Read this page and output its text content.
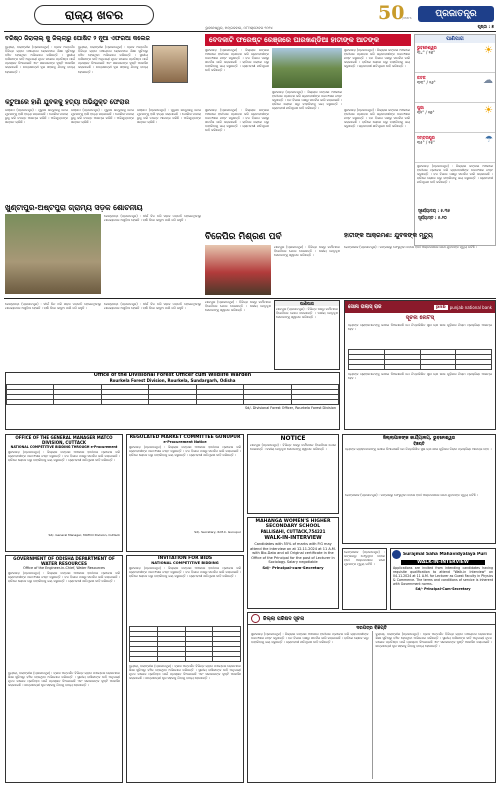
ରାଜ୍ୟ ଖବର
ଭୁବନେଶ୍ୱର, ମଙ୍ଗଳବାର, ୦୮ଅକ୍ଟୋବର ୨୦୨୪
50
years	ପ୍ରଜାତନ୍ତ୍ର
ପୃଷ୍ଠା : ୭
ବରିଷ୍ଠ ଜିରାଲାଲ୍ କୁ ଜିଲ୍ଲାରୁ ଘୋଷିତ ୨ ନୂଆ ଏଫରଆ କଲେଜ
ବ୍ୟୁରୋ, ବଲାଙ୍ଗୀର (ପ୍ରଜାତନ୍ତ୍ର) : ବ୍ଲକ ଅନ୍ତର୍ଗତ ବିଭିନ୍ନ ଗ୍ରାମ ପଞ୍ଚାୟତର ଲୋକମାନେ ଶିକ୍ଷା ସୁବିଧାରୁ ବଞ୍ଚିତ ହେଉଥିବା ଅଭିଯୋଗ କରିଛନ୍ତି । ସ୍ଥାନୀୟ ବାସିନ୍ଦାଙ୍କ ଦାବି ଅନୁଯାୟୀ ନୂତନ କଲେଜ ପ୍ରତିଷ୍ଠା ପାଇଁ ପ୍ରସ୍ତାବ ଦିଆଯାଇଛି ଏବଂ ସରକାରଙ୍କ ଦୃଷ୍ଟି ଆକର୍ଷଣ କରାଯାଇଛି । ଛାତ୍ରଛାତ୍ରୀ ଦୂର ସହରକୁ ଯିବାକୁ ବାଧ୍ୟ ହେଉଛନ୍ତି ।
ବ୍ୟୁରୋ, ବଲାଙ୍ଗୀର (ପ୍ରଜାତନ୍ତ୍ର) : ବ୍ଲକ ଅନ୍ତର୍ଗତ ବିଭିନ୍ନ ଗ୍ରାମ ପଞ୍ଚାୟତର ଲୋକମାନେ ଶିକ୍ଷା ସୁବିଧାରୁ ବଞ୍ଚିତ ହେଉଥିବା ଅଭିଯୋଗ କରିଛନ୍ତି । ସ୍ଥାନୀୟ ବାସିନ୍ଦାଙ୍କ ଦାବି ଅନୁଯାୟୀ ନୂତନ କଲେଜ ପ୍ରତିଷ୍ଠା ପାଇଁ ପ୍ରସ୍ତାବ ଦିଆଯାଇଛି ଏବଂ ସରକାରଙ୍କ ଦୃଷ୍ଟି ଆକର୍ଷଣ କରାଯାଇଛି । ଛାତ୍ରଛାତ୍ରୀ ଦୂର ସହରକୁ ଯିବାକୁ ବାଧ୍ୟ ହେଉଛନ୍ତି ।
ବେଦକାଟି ଫରେଷ୍ଟ ରେଞ୍ଜରେ ଘାରଖଣ୍ଡିଆ ହାତୀଙ୍କ ଆତଙ୍କ
ସୁନ୍ଦରଗଡ଼ (ପ୍ରଜାତନ୍ତ୍ର) : ଜିଲ୍ଲାର ଜଙ୍ଗଲ ଅଞ୍ଚଳରେ ହାତୀପଲ ପ୍ରବେଶ କରି ଗ୍ରାମବାସୀଙ୍କ ଧାନଫସଲ ନଷ୍ଟ କରୁଛନ୍ତି । ବନ ବିଭାଗ ପକ୍ଷରୁ ସତର୍କତା ଜାରି କରାଯାଇଛି । ରାତିରେ ଲୋକେ ଘରୁ ବାହାରିବାକୁ ଭୟ କରୁଛନ୍ତି । ଗ୍ରାମବାସୀ କ୍ଷତିପୂରଣ ଦାବି କରିଛନ୍ତି ।
ସୁନ୍ଦରଗଡ଼ (ପ୍ରଜାତନ୍ତ୍ର) : ଜିଲ୍ଲାର ଜଙ୍ଗଲ ଅଞ୍ଚଳରେ ହାତୀପଲ ପ୍ରବେଶ କରି ଗ୍ରାମବାସୀଙ୍କ ଧାନଫସଲ ନଷ୍ଟ କରୁଛନ୍ତି । ବନ ବିଭାଗ ପକ୍ଷରୁ ସତର୍କତା ଜାରି କରାଯାଇଛି । ରାତିରେ ଲୋକେ ଘରୁ ବାହାରିବାକୁ ଭୟ କରୁଛନ୍ତି । ଗ୍ରାମବାସୀ କ୍ଷତିପୂରଣ ଦାବି କରିଛନ୍ତି ।
ସୁନ୍ଦରଗଡ଼ (ପ୍ରଜାତନ୍ତ୍ର) : ଜିଲ୍ଲାର ଜଙ୍ଗଲ ଅଞ୍ଚଳରେ ହାତୀପଲ ପ୍ରବେଶ କରି ଗ୍ରାମବାସୀଙ୍କ ଧାନଫସଲ ନଷ୍ଟ କରୁଛନ୍ତି । ବନ ବିଭାଗ ପକ୍ଷରୁ ସତର୍କତା ଜାରି କରାଯାଇଛି । ରାତିରେ ଲୋକେ ଘରୁ ବାହାରିବାକୁ ଭୟ କରୁଛନ୍ତି । ଗ୍ରାମବାସୀ କ୍ଷତିପୂରଣ ଦାବି କରିଛନ୍ତି ।
ପାଣିପାଗ
ଭୁବନେଶ୍ୱର
୩୪° / ୨୬°	☀
କଟକ
୩୩° / ୨୬°	☁
ପୁରୀ
୩୨° / ୨୭°	☀
ସମ୍ବଲପୁର
୩୫° / ୨୫°	☂
ସୁନ୍ଦରଗଡ଼ (ପ୍ରଜାତନ୍ତ୍ର) : ଜିଲ୍ଲାର ଜଙ୍ଗଲ ଅଞ୍ଚଳରେ ହାତୀପଲ ପ୍ରବେଶ କରି ଗ୍ରାମବାସୀଙ୍କ ଧାନଫସଲ ନଷ୍ଟ କରୁଛନ୍ତି । ବନ ବିଭାଗ ପକ୍ଷରୁ ସତର୍କତା ଜାରି କରାଯାଇଛି । ରାତିରେ ଲୋକେ ଘରୁ ବାହାରିବାକୁ ଭୟ କରୁଛନ୍ତି । ଗ୍ରାମବାସୀ କ୍ଷତିପୂରଣ ଦାବି କରିଛନ୍ତି ।
ସୂର୍ଯ୍ୟୋଦୟ : ୫.୩୫
ସୂର୍ଯ୍ୟାସ୍ତ : ୫.୨୦
କଟୁଆରେ ହାଣି ଯୁବକକୁ ହତ୍ୟା ଅଭିଯୁକ୍ତ ଫେରାର
ଗଞ୍ଜାମ (ପ୍ରଜାତନ୍ତ୍ର) : ପୁରୁଣା ଶତ୍ରୁତାକୁ ନେଇ ଯୁବକଙ୍କୁ ହାଣି ହତ୍ୟା କରାଯାଇଛି । ପୋଲିସ ମାମଲା ରୁଜୁ କରି ତଦନ୍ତ ଆରମ୍ଭ କରିଛି । ଅଭିଯୁକ୍ତଙ୍କ ସନ୍ଧାନ ଚାଲିଛି ।
ଗଞ୍ଜାମ (ପ୍ରଜାତନ୍ତ୍ର) : ପୁରୁଣା ଶତ୍ରୁତାକୁ ନେଇ ଯୁବକଙ୍କୁ ହାଣି ହତ୍ୟା କରାଯାଇଛି । ପୋଲିସ ମାମଲା ରୁଜୁ କରି ତଦନ୍ତ ଆରମ୍ଭ କରିଛି । ଅଭିଯୁକ୍ତଙ୍କ ସନ୍ଧାନ ଚାଲିଛି ।
ଗଞ୍ଜାମ (ପ୍ରଜାତନ୍ତ୍ର) : ପୁରୁଣା ଶତ୍ରୁତାକୁ ନେଇ ଯୁବକଙ୍କୁ ହାଣି ହତ୍ୟା କରାଯାଇଛି । ପୋଲିସ ମାମଲା ରୁଜୁ କରି ତଦନ୍ତ ଆରମ୍ଭ କରିଛି । ଅଭିଯୁକ୍ତଙ୍କ ସନ୍ଧାନ ଚାଲିଛି ।
ସୁନ୍ଦରଗଡ଼ (ପ୍ରଜାତନ୍ତ୍ର) : ଜିଲ୍ଲାର ଜଙ୍ଗଲ ଅଞ୍ଚଳରେ ହାତୀପଲ ପ୍ରବେଶ କରି ଗ୍ରାମବାସୀଙ୍କ ଧାନଫସଲ ନଷ୍ଟ କରୁଛନ୍ତି । ବନ ବିଭାଗ ପକ୍ଷରୁ ସତର୍କତା ଜାରି କରାଯାଇଛି । ରାତିରେ ଲୋକେ ଘରୁ ବାହାରିବାକୁ ଭୟ କରୁଛନ୍ତି । ଗ୍ରାମବାସୀ କ୍ଷତିପୂରଣ ଦାବି କରିଛନ୍ତି ।
ସୁନ୍ଦରଗଡ଼ (ପ୍ରଜାତନ୍ତ୍ର) : ଜିଲ୍ଲାର ଜଙ୍ଗଲ ଅଞ୍ଚଳରେ ହାତୀପଲ ପ୍ରବେଶ କରି ଗ୍ରାମବାସୀଙ୍କ ଧାନଫସଲ ନଷ୍ଟ କରୁଛନ୍ତି । ବନ ବିଭାଗ ପକ୍ଷରୁ ସତର୍କତା ଜାରି କରାଯାଇଛି । ରାତିରେ ଲୋକେ ଘରୁ ବାହାରିବାକୁ ଭୟ କରୁଛନ୍ତି । ଗ୍ରାମବାସୀ କ୍ଷତିପୂରଣ ଦାବି କରିଛନ୍ତି ।
ଖୁଣ୍ଟାପୁର-ଅଷ୍ଟପୁରା ଗ୍ରାମ୍ୟ ସଡ଼କ ଶୋଚନୀୟ
କେନ୍ଦ୍ରାପଡ଼ା (ପ୍ରଜାତନ୍ତ୍ର) : ଦୀର୍ଘ ଦିନ ଧରି ସଡ଼କ ମରାମତି ହୋଇନଥିବାରୁ ଯାତାୟାତରେ ଅସୁବିଧା ହେଉଛି । ବର୍ଷା ଦିନେ କାଦୁଅ ପାଣି ଜମି ରହୁଛି ।
ବିଜେପିର ମିଶ୍ରଣ ପର୍ବ
ଯାଜପୁର (ପ୍ରଜାତନ୍ତ୍ର) : ବିଭିନ୍ନ ଦଳରୁ କର୍ମୀମାନେ ବିଜେପିରେ ଯୋଗ ଦେଇଛନ୍ତି । ଦଳୀୟ ନେତୃବୃନ୍ଦ ସେମାନଙ୍କୁ ସ୍ୱାଗତ କରିଛନ୍ତି ।
ହାତୀଙ୍କ ଆକ୍ରମଣ: ଯୁବକଙ୍କ ମୃତ୍ୟୁ
ଢେଙ୍କାନାଳ (ପ୍ରଜାତନ୍ତ୍ର) : ଜଙ୍ଗଲରୁ ଫେରୁଥିବା ବେଳେ ହାତୀ ଆକ୍ରମଣରେ ଜଣେ ଯୁବକଙ୍କ ମୃତ୍ୟୁ ଘଟିଛି ।
କେନ୍ଦ୍ରାପଡ଼ା (ପ୍ରଜାତନ୍ତ୍ର) : ଦୀର୍ଘ ଦିନ ଧରି ସଡ଼କ ମରାମତି ହୋଇନଥିବାରୁ ଯାତାୟାତରେ ଅସୁବିଧା ହେଉଛି । ବର୍ଷା ଦିନେ କାଦୁଅ ପାଣି ଜମି ରହୁଛି ।
କେନ୍ଦ୍ରାପଡ଼ା (ପ୍ରଜାତନ୍ତ୍ର) : ଦୀର୍ଘ ଦିନ ଧରି ସଡ଼କ ମରାମତି ହୋଇନଥିବାରୁ ଯାତାୟାତରେ ଅସୁବିଧା ହେଉଛି । ବର୍ଷା ଦିନେ କାଦୁଅ ପାଣି ଜମି ରହୁଛି ।
ଯାଜପୁର (ପ୍ରଜାତନ୍ତ୍ର) : ବିଭିନ୍ନ ଦଳରୁ କର୍ମୀମାନେ ବିଜେପିରେ ଯୋଗ ଦେଇଛନ୍ତି । ଦଳୀୟ ନେତୃବୃନ୍ଦ ସେମାନଙ୍କୁ ସ୍ୱାଗତ କରିଛନ୍ତି ।
ପାଣିପାଗ
ଯାଜପୁର (ପ୍ରଜାତନ୍ତ୍ର) : ବିଭିନ୍ନ ଦଳରୁ କର୍ମୀମାନେ ବିଜେପିରେ ଯୋଗ ଦେଇଛନ୍ତି । ଦଳୀୟ ନେତୃବୃନ୍ଦ ସେମାନଙ୍କୁ ସ୍ୱାଗତ କରିଛନ୍ତି ।
ସୋନା ତାଲାସ୍ ରାଜ	pnb	punjab national bank
ସୂଚନା ନୋଟିସ୍
ବ୍ୟାଙ୍କ ଗ୍ରାହକମାନଙ୍କୁ ଜଣାଇ ଦିଆଯାଉଛି ଯେ ନିମ୍ନଲିଖିତ ସୁନା ଋଣ ଖାତା ଗୁଡ଼ିକର ନିଲାମ ପ୍ରକ୍ରିୟା ଆରମ୍ଭ ହେବ ।

ବ୍ୟାଙ୍କ ଗ୍ରାହକମାନଙ୍କୁ ଜଣାଇ ଦିଆଯାଉଛି ଯେ ନିମ୍ନଲିଖିତ ସୁନା ଋଣ ଖାତା ଗୁଡ଼ିକର ନିଲାମ ପ୍ରକ୍ରିୟା ଆରମ୍ଭ ହେବ ।
Office of the Divisional Forest Officer cum Wildlife Warden
Rourkela Forest Division, Rourkela, Sundargarh, Odisha

Sd/- Divisional Forest Officer, Rourkela Forest Division
OFFICE OF THE GENERAL MANAGER MATCO DIVISION, CUTTACK
NATIONAL COMPETITIVE BIDDING THROUGH e-Procurement
ସୁନ୍ଦରଗଡ଼ (ପ୍ରଜାତନ୍ତ୍ର) : ଜିଲ୍ଲାର ଜଙ୍ଗଲ ଅଞ୍ଚଳରେ ହାତୀପଲ ପ୍ରବେଶ କରି ଗ୍ରାମବାସୀଙ୍କ ଧାନଫସଲ ନଷ୍ଟ କରୁଛନ୍ତି । ବନ ବିଭାଗ ପକ୍ଷରୁ ସତର୍କତା ଜାରି କରାଯାଇଛି । ରାତିରେ ଲୋକେ ଘରୁ ବାହାରିବାକୁ ଭୟ କରୁଛନ୍ତି । ଗ୍ରାମବାସୀ କ୍ଷତିପୂରଣ ଦାବି କରିଛନ୍ତି ।
Sd/- General Manager, MATCO Division, Cuttack
REGULATED MARKET COMMITTEE GUNUPUR
e-Procurement Notice
ସୁନ୍ଦରଗଡ଼ (ପ୍ରଜାତନ୍ତ୍ର) : ଜିଲ୍ଲାର ଜଙ୍ଗଲ ଅଞ୍ଚଳରେ ହାତୀପଲ ପ୍ରବେଶ କରି ଗ୍ରାମବାସୀଙ୍କ ଧାନଫସଲ ନଷ୍ଟ କରୁଛନ୍ତି । ବନ ବିଭାଗ ପକ୍ଷରୁ ସତର୍କତା ଜାରି କରାଯାଇଛି । ରାତିରେ ଲୋକେ ଘରୁ ବାହାରିବାକୁ ଭୟ କରୁଛନ୍ତି । ଗ୍ରାମବାସୀ କ୍ଷତିପୂରଣ ଦାବି କରିଛନ୍ତି ।
Sd/- Secretary, R.M.C. Gunupur
NOTICE
ଯାଜପୁର (ପ୍ରଜାତନ୍ତ୍ର) : ବିଭିନ୍ନ ଦଳରୁ କର୍ମୀମାନେ ବିଜେପିରେ ଯୋଗ ଦେଇଛନ୍ତି । ଦଳୀୟ ନେତୃବୃନ୍ଦ ସେମାନଙ୍କୁ ସ୍ୱାଗତ କରିଛନ୍ତି ।
ଜିଲ୍ଲାପାଳଙ୍କ କାର୍ଯ୍ୟାଳୟ, ଭୁବନେଶ୍ୱର
ବିଜ୍ଞପ୍ତି
ବ୍ୟାଙ୍କ ଗ୍ରାହକମାନଙ୍କୁ ଜଣାଇ ଦିଆଯାଉଛି ଯେ ନିମ୍ନଲିଖିତ ସୁନା ଋଣ ଖାତା ଗୁଡ଼ିକର ନିଲାମ ପ୍ରକ୍ରିୟା ଆରମ୍ଭ ହେବ ।
ଢେଙ୍କାନାଳ (ପ୍ରଜାତନ୍ତ୍ର) : ଜଙ୍ଗଲରୁ ଫେରୁଥିବା ବେଳେ ହାତୀ ଆକ୍ରମଣରେ ଜଣେ ଯୁବକଙ୍କ ମୃତ୍ୟୁ ଘଟିଛି ।
MAHANGA WOMEN'S HIGHER SECONDARY SCHOOL
PALLISAHI, CUTTACK,754221
WALK-IN-INTERVIEW
Candidates with 55% of marks with P.G may attend the interview on at 12.11.2024 at 11 A.M. with Bio-Data and all Original certificate in the Office of the Principal for the post of Lecturer in Sociology. Salary negotiable
Sd/- Principal-cum-Secretary
Surajmal Saha Mahavidyalaya Puri
WALK-IN-INTERVIEW
Applications are invited from intending candidates having requisite qualification to attend "Walk-in Interview" on 04.11.2024 at 11 A.M. for Lecturer as Guest Faculty in Physics & Commerce. The terms and conditions of service is inherent with Government norms.
Sd/- Principal-Cum-Secretary
ଢେଙ୍କାନାଳ (ପ୍ରଜାତନ୍ତ୍ର) : ଜଙ୍ଗଲରୁ ଫେରୁଥିବା ବେଳେ ହାତୀ ଆକ୍ରମଣରେ ଜଣେ ଯୁବକଙ୍କ ମୃତ୍ୟୁ ଘଟିଛି ।
GOVERNMENT OF ODISHA DEPARTMENT OF WATER RESOURCES
Office of the Engineer-in-Chief, Water Resources
ସୁନ୍ଦରଗଡ଼ (ପ୍ରଜାତନ୍ତ୍ର) : ଜିଲ୍ଲାର ଜଙ୍ଗଲ ଅଞ୍ଚଳରେ ହାତୀପଲ ପ୍ରବେଶ କରି ଗ୍ରାମବାସୀଙ୍କ ଧାନଫସଲ ନଷ୍ଟ କରୁଛନ୍ତି । ବନ ବିଭାଗ ପକ୍ଷରୁ ସତର୍କତା ଜାରି କରାଯାଇଛି । ରାତିରେ ଲୋକେ ଘରୁ ବାହାରିବାକୁ ଭୟ କରୁଛନ୍ତି । ଗ୍ରାମବାସୀ କ୍ଷତିପୂରଣ ଦାବି କରିଛନ୍ତି ।
ବ୍ୟୁରୋ, ବଲାଙ୍ଗୀର (ପ୍ରଜାତନ୍ତ୍ର) : ବ୍ଲକ ଅନ୍ତର୍ଗତ ବିଭିନ୍ନ ଗ୍ରାମ ପଞ୍ଚାୟତର ଲୋକମାନେ ଶିକ୍ଷା ସୁବିଧାରୁ ବଞ୍ଚିତ ହେଉଥିବା ଅଭିଯୋଗ କରିଛନ୍ତି । ସ୍ଥାନୀୟ ବାସିନ୍ଦାଙ୍କ ଦାବି ଅନୁଯାୟୀ ନୂତନ କଲେଜ ପ୍ରତିଷ୍ଠା ପାଇଁ ପ୍ରସ୍ତାବ ଦିଆଯାଇଛି ଏବଂ ସରକାରଙ୍କ ଦୃଷ୍ଟି ଆକର୍ଷଣ କରାଯାଇଛି । ଛାତ୍ରଛାତ୍ରୀ ଦୂର ସହରକୁ ଯିବାକୁ ବାଧ୍ୟ ହେଉଛନ୍ତି ।
INVITATION FOR BIDS
NATIONAL COMPETITIVE BIDDING
ସୁନ୍ଦରଗଡ଼ (ପ୍ରଜାତନ୍ତ୍ର) : ଜିଲ୍ଲାର ଜଙ୍ଗଲ ଅଞ୍ଚଳରେ ହାତୀପଲ ପ୍ରବେଶ କରି ଗ୍ରାମବାସୀଙ୍କ ଧାନଫସଲ ନଷ୍ଟ କରୁଛନ୍ତି । ବନ ବିଭାଗ ପକ୍ଷରୁ ସତର୍କତା ଜାରି କରାଯାଇଛି । ରାତିରେ ଲୋକେ ଘରୁ ବାହାରିବାକୁ ଭୟ କରୁଛନ୍ତି । ଗ୍ରାମବାସୀ କ୍ଷତିପୂରଣ ଦାବି କରିଛନ୍ତି ।

ବ୍ୟୁରୋ, ବଲାଙ୍ଗୀର (ପ୍ରଜାତନ୍ତ୍ର) : ବ୍ଲକ ଅନ୍ତର୍ଗତ ବିଭିନ୍ନ ଗ୍ରାମ ପଞ୍ଚାୟତର ଲୋକମାନେ ଶିକ୍ଷା ସୁବିଧାରୁ ବଞ୍ଚିତ ହେଉଥିବା ଅଭିଯୋଗ କରିଛନ୍ତି । ସ୍ଥାନୀୟ ବାସିନ୍ଦାଙ୍କ ଦାବି ଅନୁଯାୟୀ ନୂତନ କଲେଜ ପ୍ରତିଷ୍ଠା ପାଇଁ ପ୍ରସ୍ତାବ ଦିଆଯାଇଛି ଏବଂ ସରକାରଙ୍କ ଦୃଷ୍ଟି ଆକର୍ଷଣ କରାଯାଇଛି । ଛାତ୍ରଛାତ୍ରୀ ଦୂର ସହରକୁ ଯିବାକୁ ବାଧ୍ୟ ହେଉଛନ୍ତି ।
ଜିଲ୍ଲା ପରିଷଦ ସୂଚନା
ଦରପତ୍ର ବିଜ୍ଞପ୍ତି
ସୁନ୍ଦରଗଡ଼ (ପ୍ରଜାତନ୍ତ୍ର) : ଜିଲ୍ଲାର ଜଙ୍ଗଲ ଅଞ୍ଚଳରେ ହାତୀପଲ ପ୍ରବେଶ କରି ଗ୍ରାମବାସୀଙ୍କ ଧାନଫସଲ ନଷ୍ଟ କରୁଛନ୍ତି । ବନ ବିଭାଗ ପକ୍ଷରୁ ସତର୍କତା ଜାରି କରାଯାଇଛି । ରାତିରେ ଲୋକେ ଘରୁ ବାହାରିବାକୁ ଭୟ କରୁଛନ୍ତି । ଗ୍ରାମବାସୀ କ୍ଷତିପୂରଣ ଦାବି କରିଛନ୍ତି ।
ବ୍ୟୁରୋ, ବଲାଙ୍ଗୀର (ପ୍ରଜାତନ୍ତ୍ର) : ବ୍ଲକ ଅନ୍ତର୍ଗତ ବିଭିନ୍ନ ଗ୍ରାମ ପଞ୍ଚାୟତର ଲୋକମାନେ ଶିକ୍ଷା ସୁବିଧାରୁ ବଞ୍ଚିତ ହେଉଥିବା ଅଭିଯୋଗ କରିଛନ୍ତି । ସ୍ଥାନୀୟ ବାସିନ୍ଦାଙ୍କ ଦାବି ଅନୁଯାୟୀ ନୂତନ କଲେଜ ପ୍ରତିଷ୍ଠା ପାଇଁ ପ୍ରସ୍ତାବ ଦିଆଯାଇଛି ଏବଂ ସରକାରଙ୍କ ଦୃଷ୍ଟି ଆକର୍ଷଣ କରାଯାଇଛି । ଛାତ୍ରଛାତ୍ରୀ ଦୂର ସହରକୁ ଯିବାକୁ ବାଧ୍ୟ ହେଉଛନ୍ତି ।
